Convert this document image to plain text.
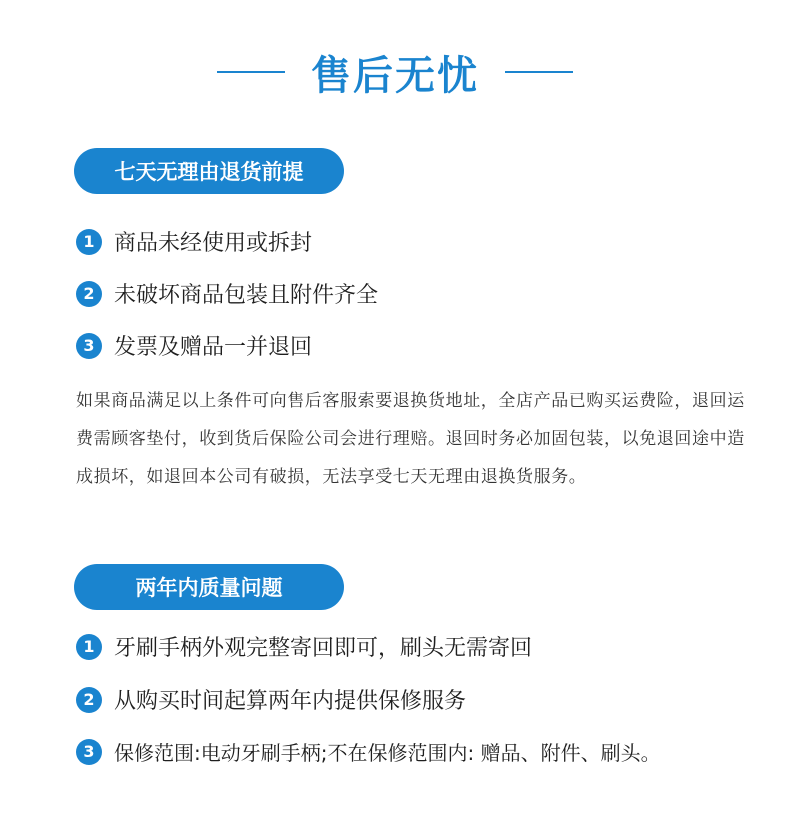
售后无忧
七天无理由退货前提
1 商品未经使用或拆封
2 未破坏商品包装且附件齐全
3 发票及赠品一并退回
如果商品满足以上条件可向售后客服索要退换货地址，全店产品已购买运费险，退回运费需顾客垫付，收到货后保险公司会进行理赔。退回时务必加固包装，以免退回途中造成损坏，如退回本公司有破损，无法享受七天无理由退换货服务。
两年内质量问题
1 牙刷手柄外观完整寄回即可，刷头无需寄回
2 从购买时间起算两年内提供保修服务
3 保修范围:电动牙刷手柄;不在保修范围内: 赠品、附件、刷头。
